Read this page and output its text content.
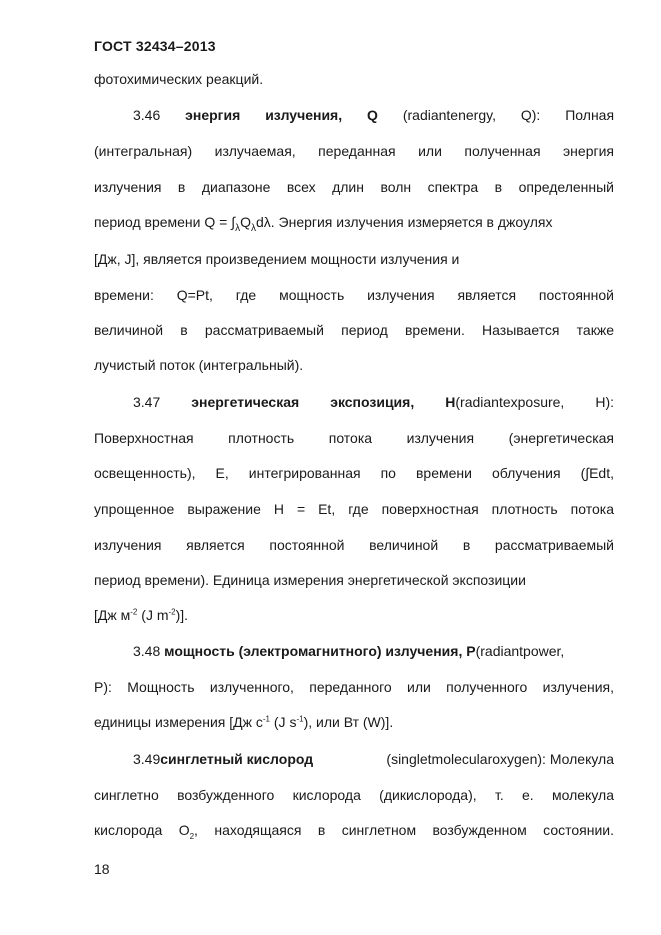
ГОСТ 32434–2013
фотохимических реакций.
3.46 энергия излучения, Q (radiantenergy, Q): Полная
(интегральная) излучаемая, переданная или полученная энергия
излучения в диапазоне всех длин волн спектра в определенный
период времени $Q = \int_\lambda Q_\lambda d\lambda$. Энергия излучения измеряется в джоулях
[Дж, J], является произведением мощности излучения и
времени: Q=Pt, где мощность излучения является постоянной
величиной в рассматриваемый период времени. Называется также
лучистый поток (интегральный).
3.47 энергетическая экспозиция, H(radiantexposure, H):
Поверхностная плотность потока излучения (энергетическая
освещенность), E, интегрированная по времени облучения (∫Edt,
упрощенное выражение H = Et, где поверхностная плотность потока
излучения является постоянной величиной в рассматриваемый
период времени). Единица измерения энергетической экспозиции
[Дж $м^{-2}$ (J $m^{-2}$)].
3.48 мощность (электромагнитного) излучения, P(radiantpower,
P): Мощность излученного, переданного или полученного излучения,
единицы измерения [Дж $c^{-1}$ (J $s^{-1}$), или Вт (W)].
3.49синглетный кислород	(singletmolecularoxygen): Молекула
синглетно возбужденного кислорода (дикислорода), т. е. молекула
кислорода $O_2$, находящаяся в синглетном возбужденном состоянии.
18
